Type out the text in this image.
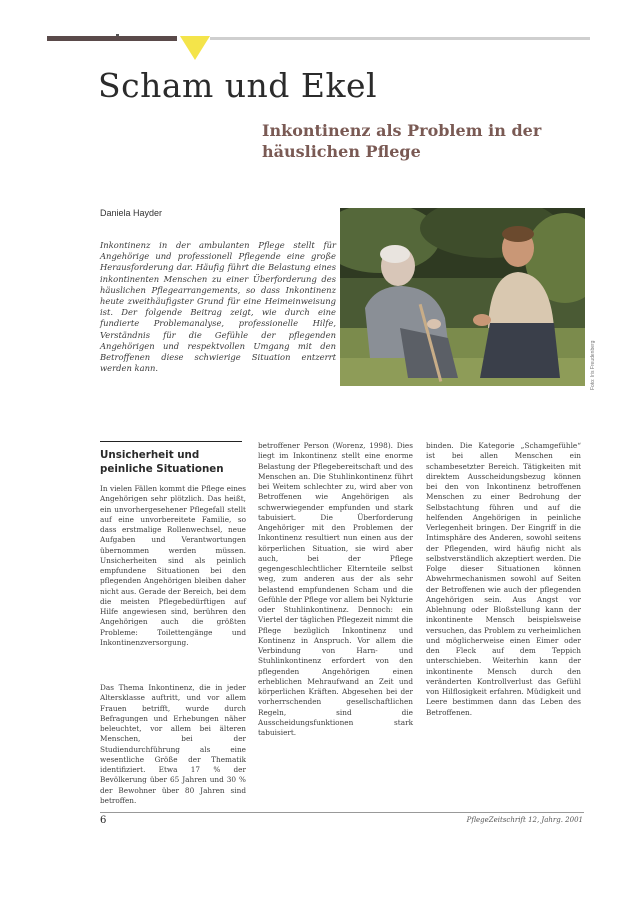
Scham und Ekel
Inkontinenz als Problem in der häuslichen Pflege
Daniela Hayder
Inkontinenz in der ambulanten Pflege stellt für Angehörige und professionell Pflegende eine große Herausforderung dar. Häufig führt die Belastung eines inkontinenten Menschen zu einer Überforderung des häuslichen Pflegearrangements, so dass Inkontinenz heute zweithäufigster Grund für eine Heimeinweisung ist. Der folgende Beitrag zeigt, wie durch eine fundierte Problemanalyse, professionelle Hilfe, Verständnis für die Gefühle der pflegenden Angehörigen und respektvollen Umgang mit den Betroffenen diese schwierige Situation entzerrt werden kann.	Foto: Iris Freudenberg
Unsicherheit und peinliche Situationen

In vielen Fällen kommt die Pflege eines Angehörigen sehr plötzlich. Das heißt, ein unvorhergesehener Pflegefall stellt auf eine unvorbereitete Familie, so dass erstmalige Rollenwechsel, neue Aufgaben und Verantwortungen übernommen werden müssen. Unsicherheiten sind als peinlich empfundene Situationen bei den pflegenden Angehörigen bleiben daher nicht aus. Gerade der Bereich, bei dem die meisten Pflegebedürftigen auf Hilfe angewiesen sind, berühren den Angehörigen auch die größten Probleme: Toilettengänge und Inkontinenzversorgung.

Das Thema Inkontinenz, die in jeder Altersklasse auftritt, und vor allem Frauen betrifft, wurde durch Befragungen und Erhebungen näher beleuchtet, vor allem bei älteren Menschen, bei der Studiendurchführung als eine wesentliche Größe der Thematik identifiziert. Etwa 17 % der Bevölkerung über 65 Jahren und 30 % der Bewohner über 80 Jahren sind betroffen.

betroffener Person (Worenz, 1998). Dies liegt im Inkontinenz stellt eine enorme Belastung der Pflegebereitschaft und des Menschen an. Die Stuhlinkontinenz führt bei Weitem schlechter zu, wird aber von Betroffenen wie Angehörigen als schwerwiegender empfunden und stark tabuisiert. Die Überforderung Angehöriger mit den Problemen der Inkontinenz resultiert nun einen aus der körperlichen Situation, sie wird aber auch, bei der Pflege gegengeschlechtlicher Elternteile selbst weg, zum anderen aus der als sehr belastend empfundenen Scham und die Gefühle der Pflege vor allem bei Nykturie oder Stuhlinkontinenz. Dennoch: ein Viertel der täglichen Pflegezeit nimmt die Pflege bezüglich Inkontinenz und Kontinenz in Anspruch. Vor allem die Verbindung von Harn- und Stuhlinkontinenz erfordert von den pflegenden Angehörigen einen erheblichen Mehraufwand an Zeit und körperlichen Kräften. Abgesehen bei der vorherrschenden gesellschaftlichen Regeln, sind die Ausscheidungsfunktionen stark tabuisiert.

binden. Die Kategorie „Schamgefühle“ ist bei allen Menschen ein schambesetzter Bereich. Tätigkeiten mit direktem Ausscheidungsbezug können bei den von Inkontinenz betroffenen Menschen zu einer Bedrohung der Selbstachtung führen und auf die helfenden Angehörigen in peinliche Verlegenheit bringen. Der Eingriff in die Intimsphäre des Anderen, sowohl seitens der Pflegenden, wird häufig nicht als selbstverständlich akzeptiert werden. Die Folge dieser Situationen können Abwehrmechanismen sowohl auf Seiten der Betroffenen wie auch der pflegenden Angehörigen sein. Aus Angst vor Ablehnung oder Bloßstellung kann der inkontinente Mensch beispielsweise versuchen, das Problem zu verheimlichen und möglicherweise einen Eimer oder den Fleck auf dem Teppich unterschieben. Weiterhin kann der inkontinente Mensch durch den veränderten Kontrollverlust das Gefühl von Hilflosigkeit erfahren. Müdigkeit und Leere bestimmen dann das Leben des Betroffenen.

6	PflegeZeitschrift 12, Jahrg. 2001
